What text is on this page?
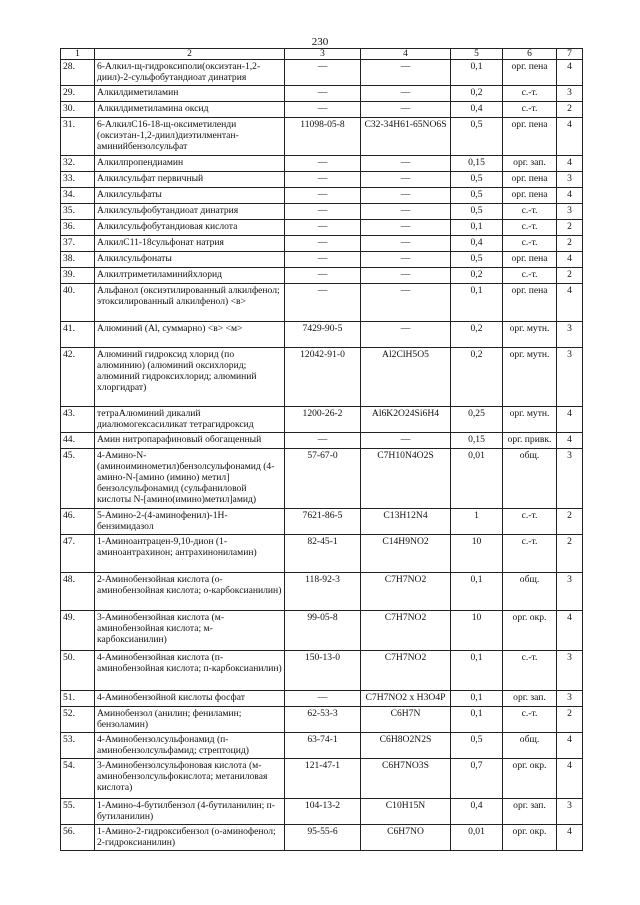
230
1	2	3	4	5	6	7
28.	6-Алкил-щ-гидроксиполи(оксиэтан-1,2-диил)-2-сульфобутандиоат динатрия	—	—	0,1	орг. пена	4
29.	Алкилдиметиламин	—	—	0,2	с.-т.	3
30.	Алкилдиметиламина оксид	—	—	0,4	с.-т.	2
31.	6-АлкилС16-18-щ-оксиметиленди (оксиэтан-1,2-диил)диэтилментан-аминийбензолсульфат	11098-05-8	C32-34H61-65NO6S	0,5	орг. пена	4
32.	Алкилпропендиамин	—	—	0,15	орг. зап.	4
33.	Алкилсульфат первичный	—	—	0,5	орг. пена	3
34.	Алкилсульфаты	—	—	0,5	орг. пена	4
35.	Алкилсульфобутандиоат динатрия	—	—	0,5	с.-т.	3
36.	Алкилсульфобутандиовая кислота	—	—	0,1	с.-т.	2
37.	АлкилС11-18сульфонат натрия	—	—	0,4	с.-т.	2
38.	Алкилсульфонаты	—	—	0,5	орг. пена	4
39.	Алкилтриметиламинийхлорид	—	—	0,2	с.-т.	2
40.	Альфанол (оксиэтилированный алкилфенол; этоксилированный алкилфенол) <в>	—	—	0,1	орг. пена	4
41.	Алюминий (Al, суммарно) <в> <м>	7429-90-5	—	0,2	орг. мутн.	3
42.	Алюминий гидроксид хлорид (по алюминию) (алюминий оксихлорид; алюминий гидроксихлорид; алюминий хлоргидрат)	12042-91-0	Al2ClH5O5	0,2	орг. мутн.	3
43.	тетраАлюминий дикалий диалюмогексасиликат тетрагидроксид	1200-26-2	Al6K2O24Si6H4	0,25	орг. мутн.	4
44.	Амин нитропарафиновый обогащенный	—	—	0,15	орг. привк.	4
45.	4-Амино-N-(аминоиминометил)бензолсульфонамид (4- амино-N-[амино (имино) метил] бензолсульфонамид (сульфаниловой кислоты N-[амино(имино)метил]амид)	57-67-0	C7H10N4O2S	0,01	общ.	3
46.	5-Амино-2-(4-аминофенил)-1Н-бензимидазол	7621-86-5	C13H12N4	1	с.-т.	2
47.	1-Аминоантрацен-9,10-дион (1-аминоантрахинон; антрахинониламин)	82-45-1	C14H9NO2	10	с.-т.	2
48.	2-Аминобензойная кислота (о-аминобензойная кислота; о-карбоксианилин)	118-92-3	C7H7NO2	0,1	общ.	3
49.	3-Аминобензойная кислота (м-аминобензойная кислота; м-карбоксианилин)	99-05-8	C7H7NO2	10	орг. окр.	4
50.	4-Аминобензойная кислота (п-аминобензойная кислота; п-карбоксианилин)	150-13-0	C7H7NO2	0,1	с.-т.	3
51.	4-Аминобензойной кислоты фосфат	—	C7H7NO2 x H3O4P	0,1	орг. зап.	3
52.	Аминобензол (анилин; фениламин; бензоламин)	62-53-3	C6H7N	0,1	с.-т.	2
53.	4-Аминобензолсульфонамид (п-аминобензолсульфамид; стрептоцид)	63-74-1	C6H8O2N2S	0,5	общ.	4
54.	3-Аминобензолсульфоновая кислота (м-аминобензолсульфокислота; метаниловая кислота)	121-47-1	C6H7NO3S	0,7	орг. окр.	4
55.	1-Амино-4-бутилбензол (4-бутиланилин; п-бутиланилин)	104-13-2	C10H15N	0,4	орг. зап.	3
56.	1-Амино-2-гидроксибензол (о-аминофенол; 2-гидроксианилин)	95-55-6	C6H7NO	0,01	орг. окр.	4
